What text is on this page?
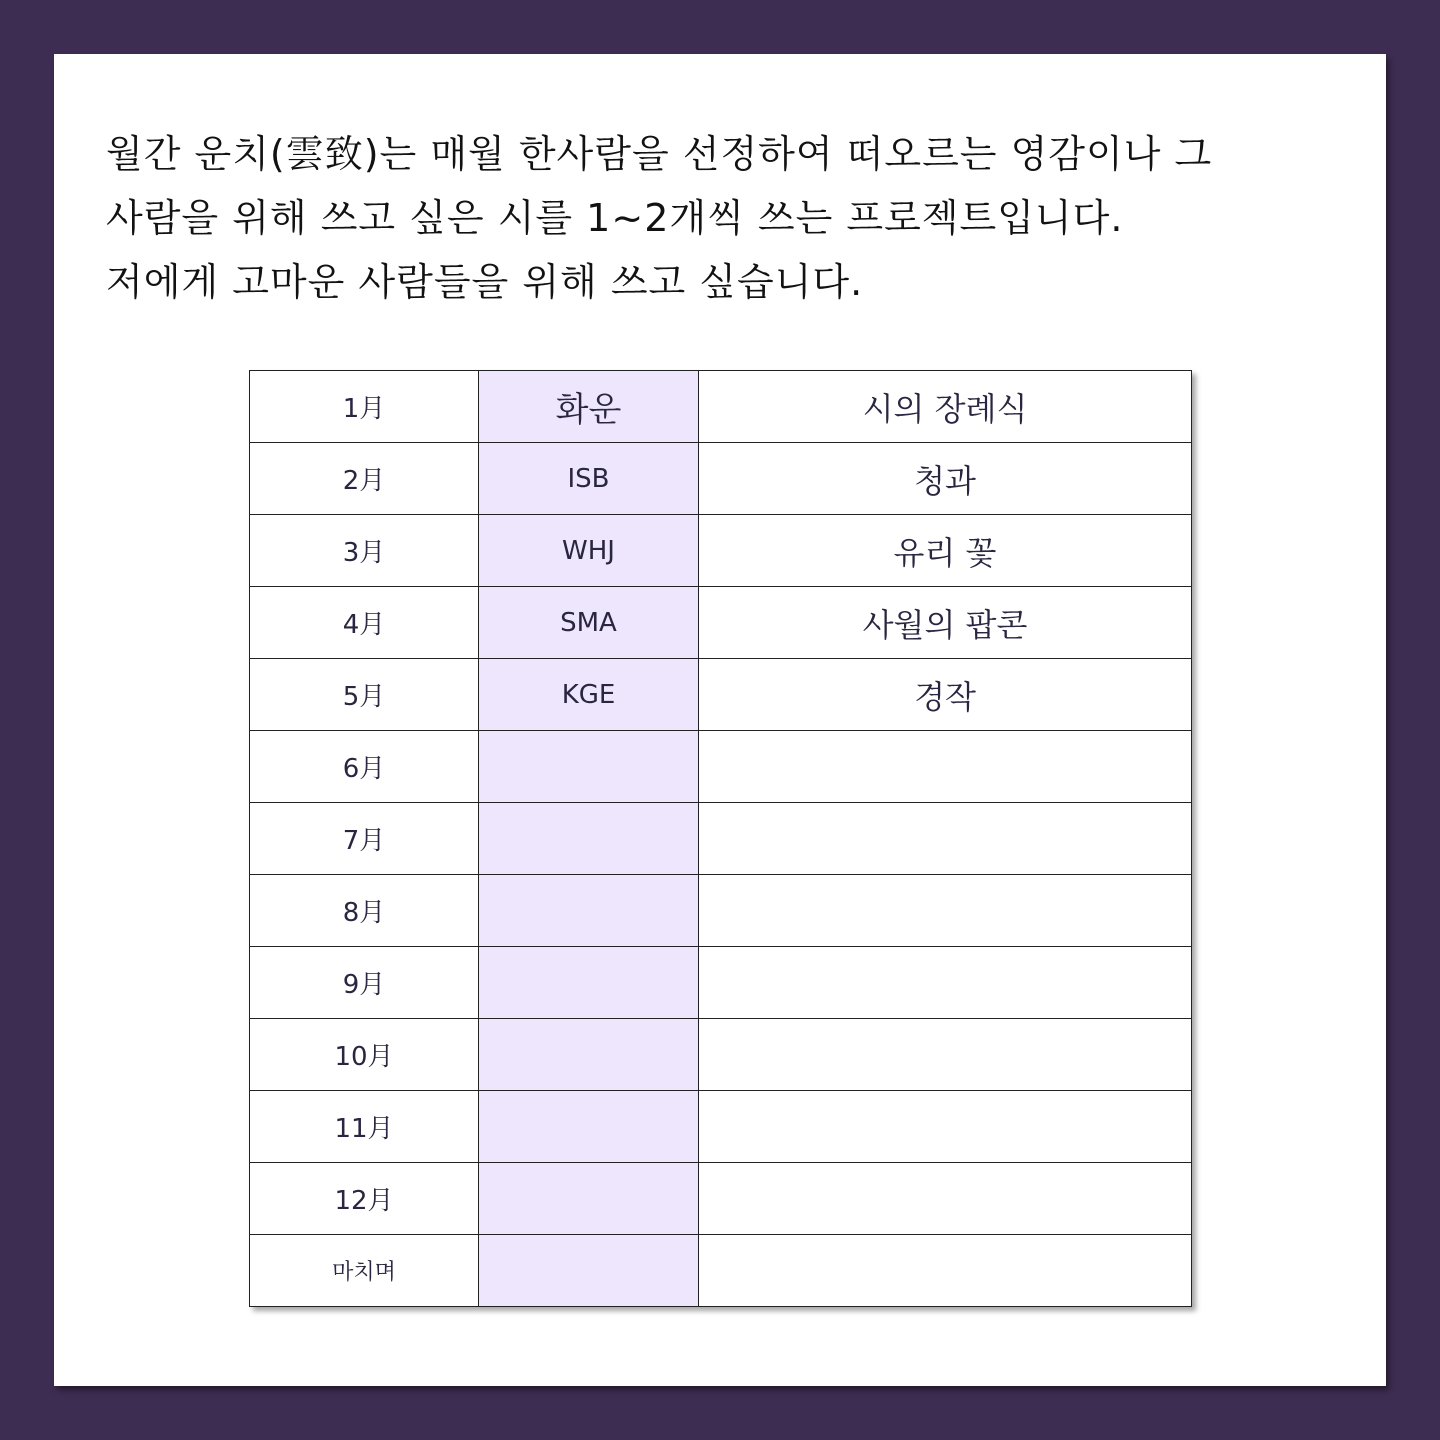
월간 운치(雲致)는 매월 한사람을 선정하여 떠오르는 영감이나 그
사람을 위해 쓰고 싶은 시를 1~2개씩 쓰는 프로젝트입니다.
저에게 고마운 사람들을 위해 쓰고 싶습니다.
1月	화운	시의 장례식
2月	ISB	청과
3月	WHJ	유리 꽃
4月	SMA	사월의 팝콘
5月	KGE	경작
6月		
7月		
8月		
9月		
10月		
11月		
12月		
마치며		
